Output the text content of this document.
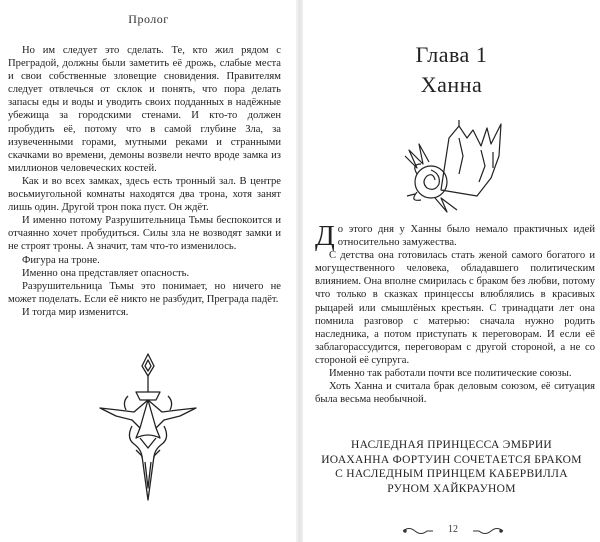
Пролог

Но им следует это сделать. Те, кто жил рядом с Преградой, должны были заметить её дрожь, слабые места и свои собственные зловещие сновидения. Правителям следует отвлечься от склок и понять, что пора делать запасы еды и воды и уводить своих подданных в надёжные убежища за городскими стенами. И кто-то должен пробудить её, потому что в самой глубине Зла, за изувеченными горами, мутными реками и странными скачками во времени, демоны возвели нечто вроде замка из миллионов человеческих костей.

Как и во всех замках, здесь есть тронный зал. В центре восьмиугольной комнаты находятся два трона, хотя занят лишь один. Другой трон пока пуст. Он ждёт.

И именно потому Разрушительница Тьмы беспокоится и отчаянно хочет пробудиться. Силы зла не возводят замки и не строят троны. А значит, там что-то изменилось.

Фигура на троне.

Именно она представляет опасность.

Разрушительница Тьмы это понимает, но ничего не может поделать. Если её никто не разбудит, Преграда падёт.

И тогда мир изменится.

Глава 1
Ханна

До этого дня у Ханны было немало практичных идей относительно замужества.

С детства она готовилась стать женой самого богатого и могущественного человека, обладавшего политическим влиянием. Она вполне смирилась с браком без любви, потому что только в сказках принцессы влюблялись в красивых рыцарей или смышлёных крестьян. С тринадцати лет она помнила разговор с матерью: сначала нужно родить наследника, а потом приступать к переговорам. И если её заблагорассудится, переговорам с другой стороной, а не со стороной её супруга.

Именно так работали почти все политические союзы.

Хоть Ханна и считала брак деловым союзом, её ситуация была весьма необычной.

НАСЛЕДНАЯ ПРИНЦЕССА ЭМБРИИ
ИОАХАННА ФОРТУИН СОЧЕТАЕТСЯ БРАКОМ
С НАСЛЕДНЫМ ПРИНЦЕМ КАБЕРВИЛЛА
РУНОМ ХАЙКРАУНОМ
12
